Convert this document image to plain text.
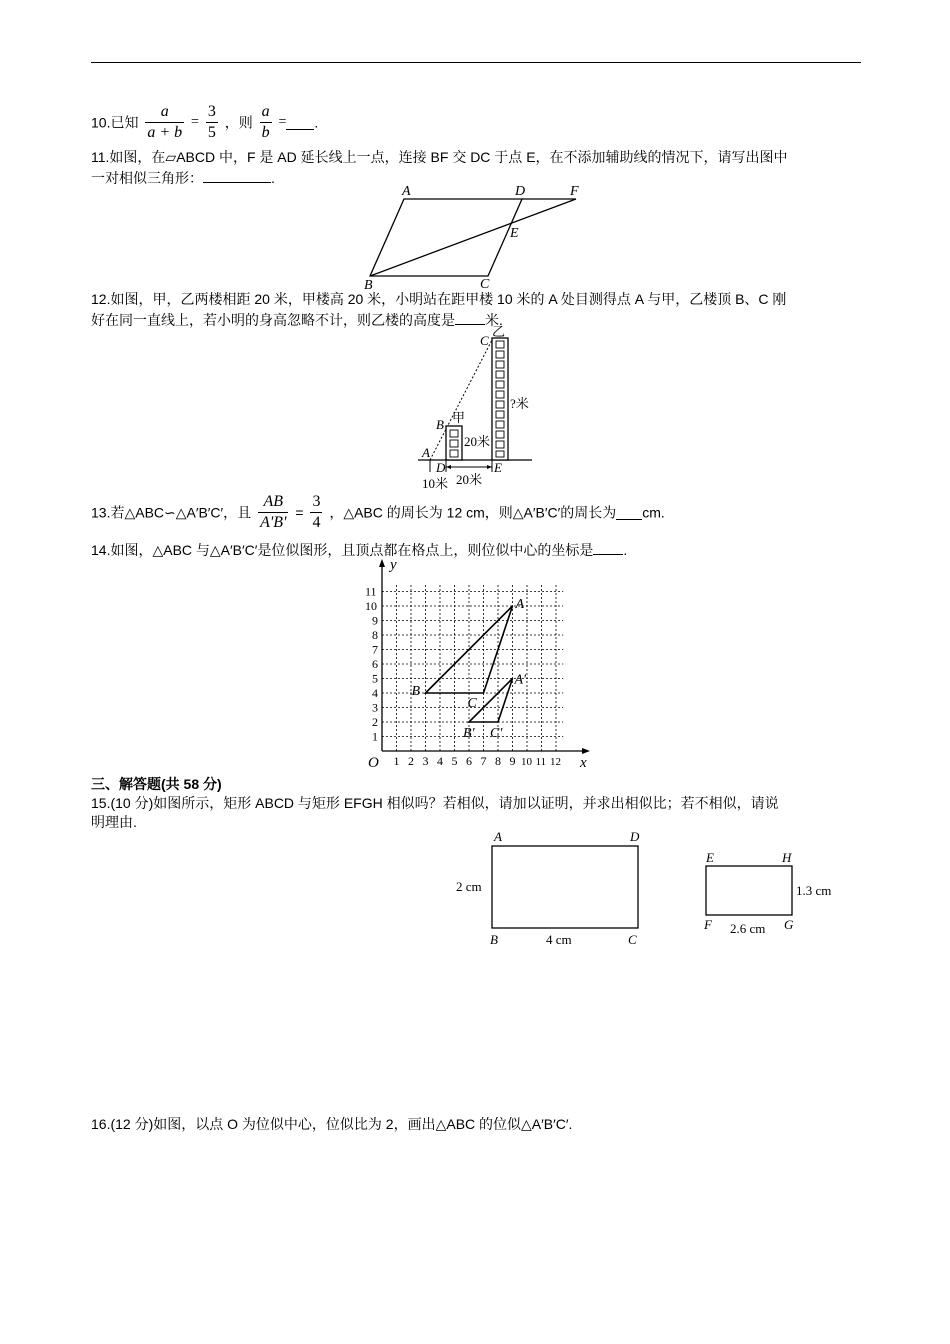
10.已知 $\frac{a}{a + b} = \frac{3}{5}$ ，则 $\frac{a}{b}$ = .
11.如图，在▱ABCD 中，F 是 AD 延长线上一点，连接 BF 交 DC 于点 E，在不添加辅助线的情况下，请写出图中
一对相似三角形：	.
A	D	F
E
B	C
12.如图，甲，乙两楼相距 20 米，甲楼高 20 米，小明站在距甲楼 10 米的 A 处目测得点 A 与甲，乙楼顶 B、C 刚
好在同一直线上，若小明的身高忽略不计，则乙楼的高度是 米.
乙
C
B 甲
A
D	E
?米
20米
10米 20米
13.若△ABC∽△A′B′C′，且 $\frac{AB}{A'B'} = \frac{3}{4}$ ，△ABC 的周长为 12 cm，则△A′B′C′的周长为 cm.
14.如图，△ABC 与△A′B′C′是位似图形，且顶点都在格点上，则位似中心的坐标是 .
1 2 3 4 5 6 7 8 9 10 11 12
1
2
3
4
5
6
7
8
9
10
11
y
x
O
A
B
C
A′
B′ C′
三、解答题(共 58 分)
15.(10 分)如图所示，矩形 ABCD 与矩形 EFGH 相似吗？若相似，请加以证明，并求出相似比；若不相似，请说
明理由.
A	D
B	C
2 cm
4 cm
E	H
F	G
1.3 cm
2.6 cm
16.(12 分)如图，以点 O 为位似中心，位似比为 2，画出△ABC 的位似△A′B′C′.
